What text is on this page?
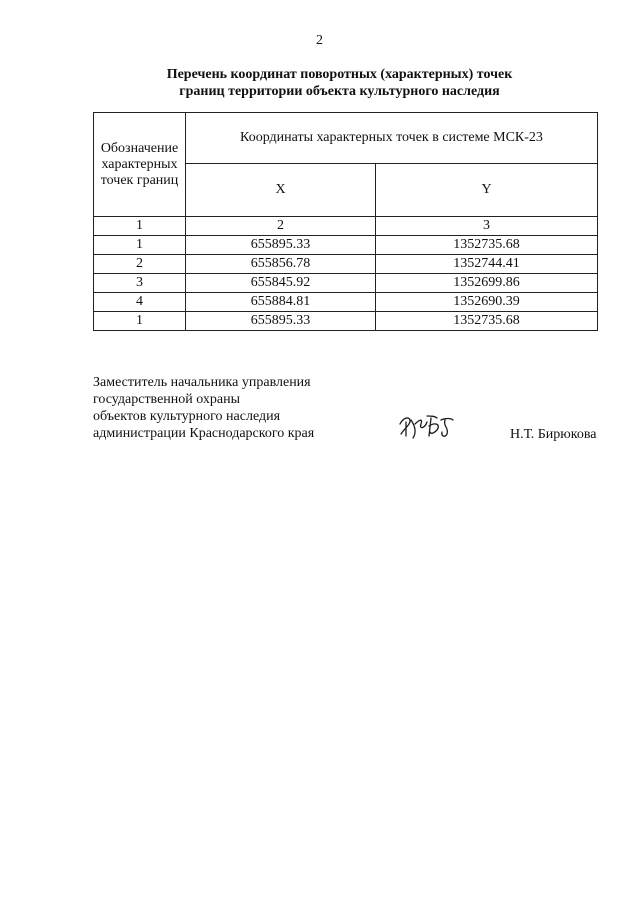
2
Перечень координат поворотных (характерных) точек
границ территории объекта культурного наследия
Обозначение
характерных
точек границ	Координаты характерных точек в системе МСК-23	
	X	Y
1	2	3
1	655895.33	1352735.68
2	655856.78	1352744.41
3	655845.92	1352699.86
4	655884.81	1352690.39
1	655895.33	1352735.68
Заместитель начальника управления
государственной охраны
объектов культурного наследия
администрации Краснодарского края	Н.Т. Бирюкова
